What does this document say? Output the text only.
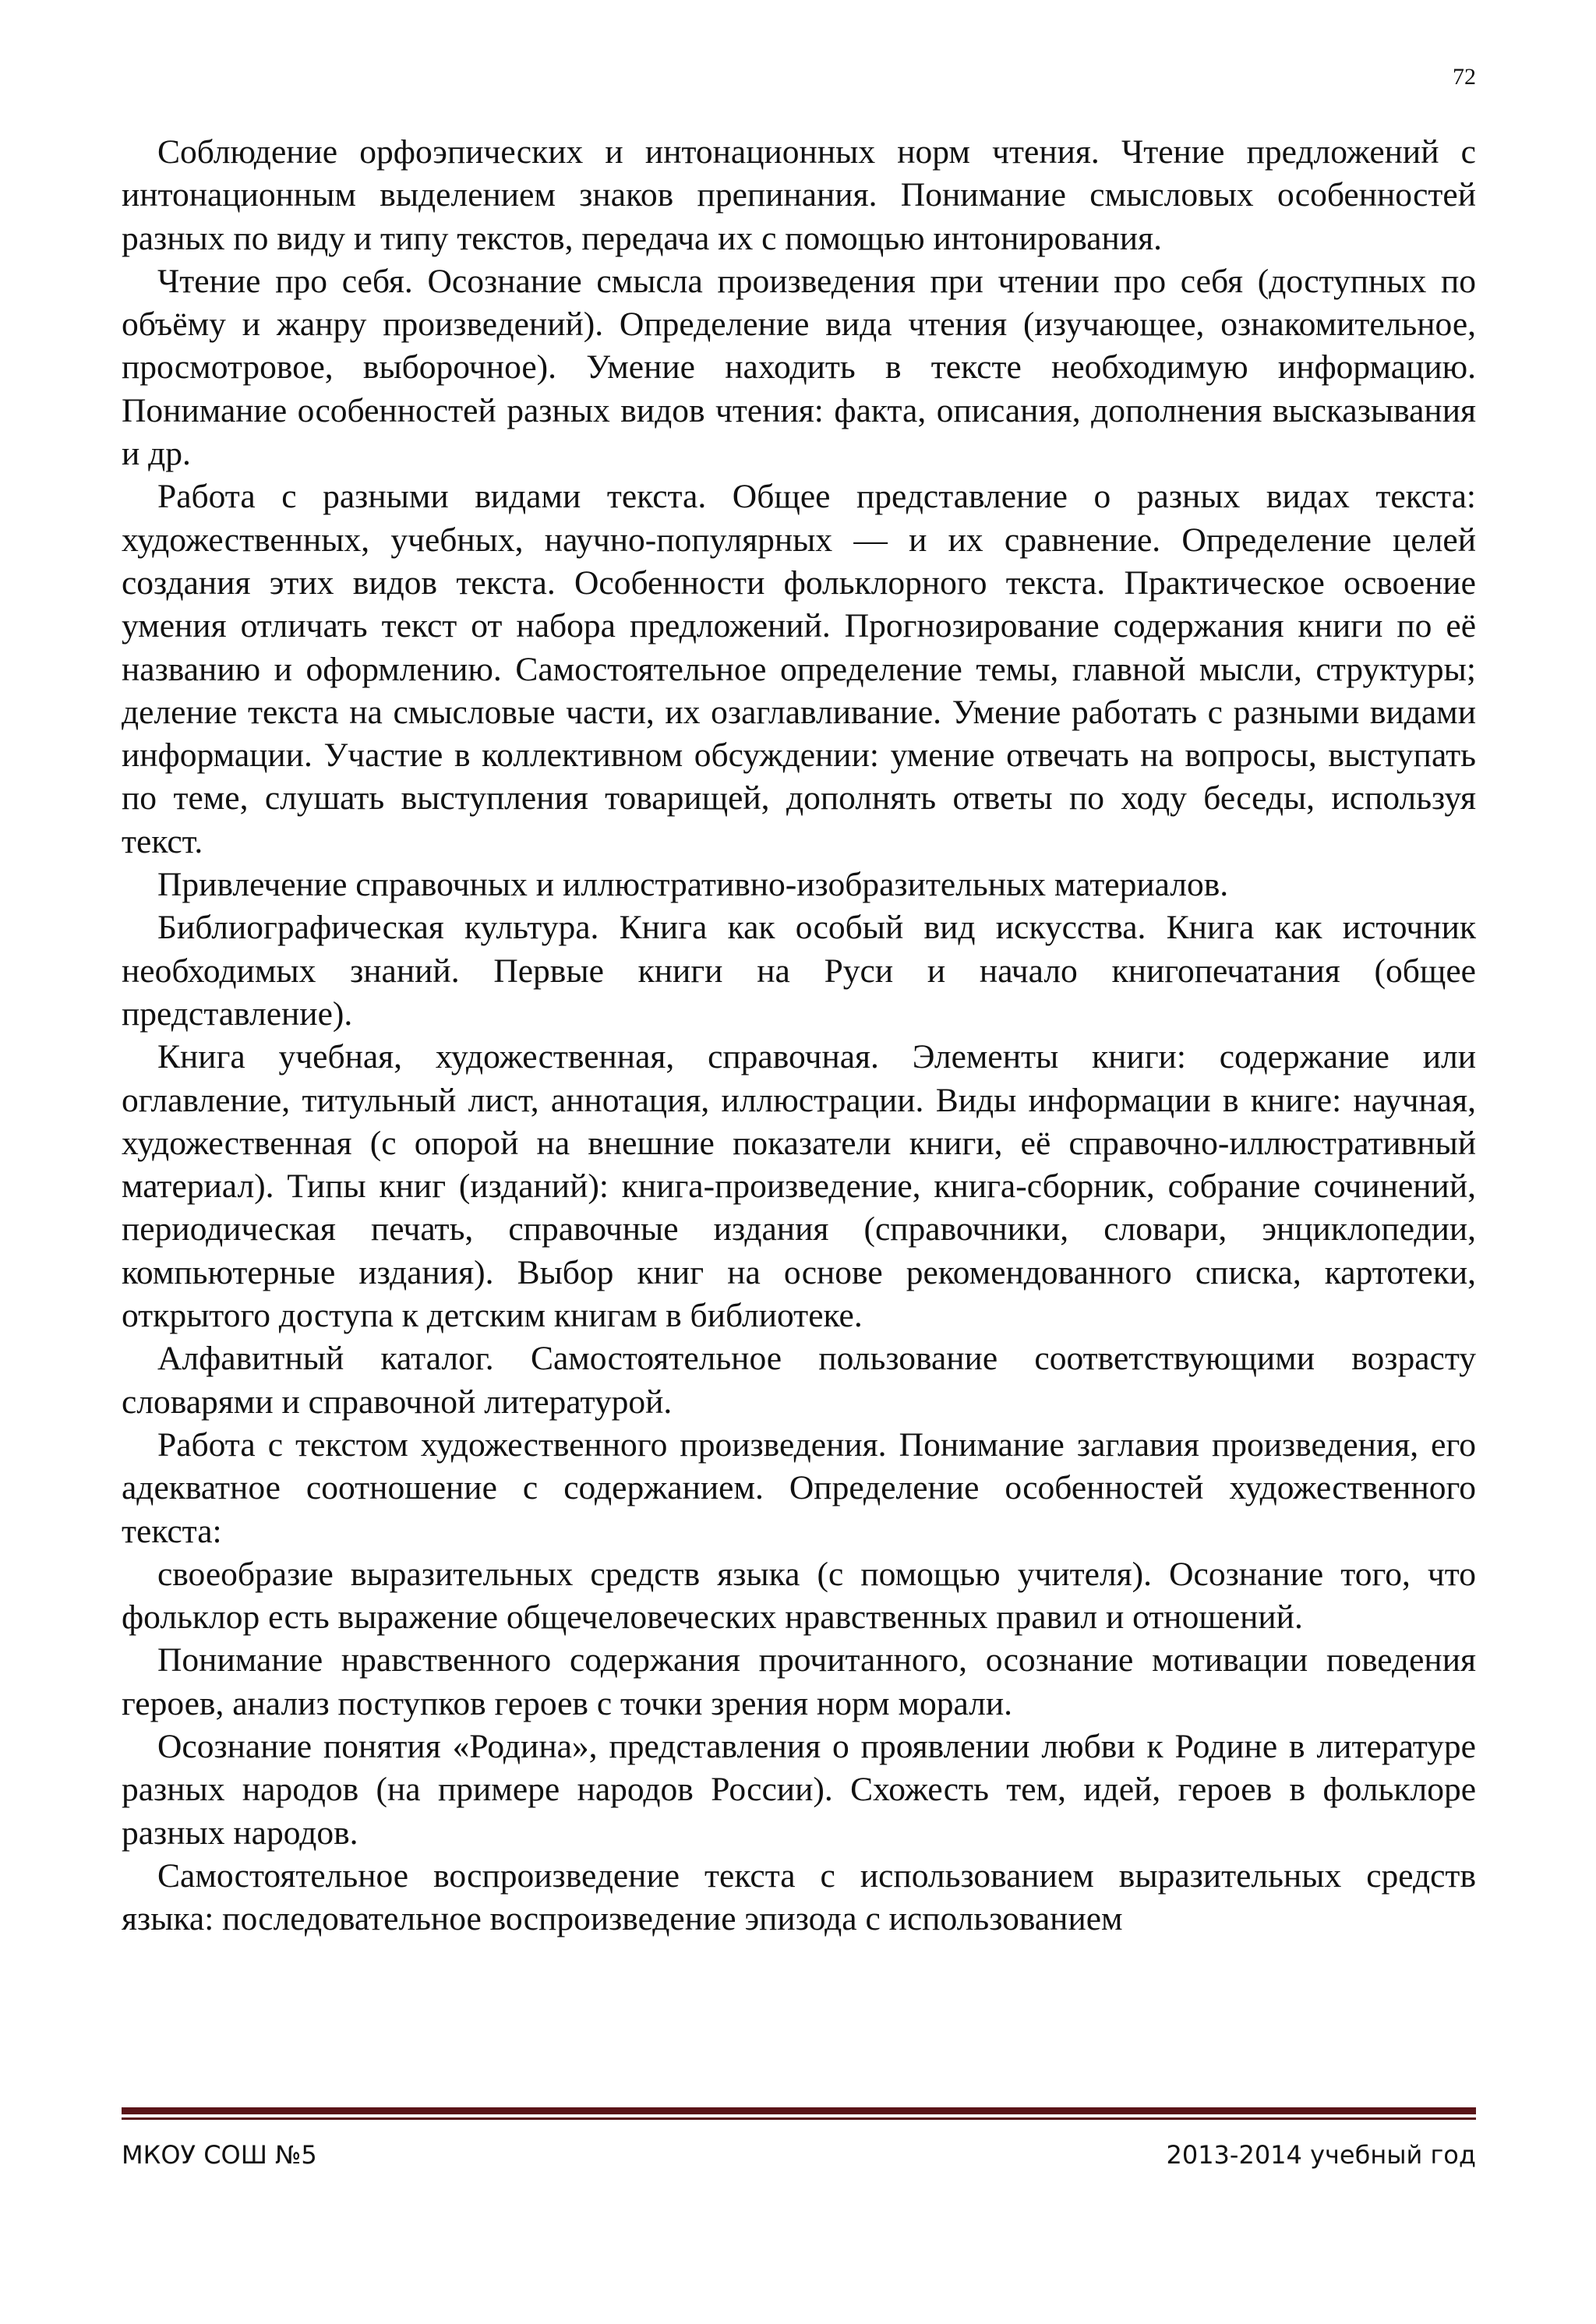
72

Соблюдение орфоэпических и интонационных норм чтения. Чтение предложений с интонационным выделением знаков препинания. Понимание смысловых особенностей разных по виду и типу текстов, передача их с помощью интонирования.

Чтение про себя. Осознание смысла произведения при чтении про себя (доступных по объёму и жанру произведений). Определение вида чтения (изучающее, ознакомительное, просмотровое, выборочное). Умение находить в тексте необходимую информацию. Понимание особенностей разных видов чтения: факта, описания, дополнения высказывания и др.

Работа с разными видами текста. Общее представление о разных видах текста: художественных, учебных, научно-популярных — и их сравнение. Определение целей создания этих видов текста. Особенности фольклорного текста. Практическое освоение умения отличать текст от набора предложений. Прогнозирование содержания книги по её названию и оформлению. Самостоятельное определение темы, главной мысли, структуры; деление текста на смысловые части, их озаглавливание. Умение работать с разными видами информации. Участие в коллективном обсуждении: умение отвечать на вопросы, выступать по теме, слушать выступления товарищей, дополнять ответы по ходу беседы, используя текст.

Привлечение справочных и иллюстративно-изобразительных материалов.

Библиографическая культура. Книга как особый вид искусства. Книга как источник необходимых знаний. Первые книги на Руси и начало книгопечатания (общее представление).

Книга учебная, художественная, справочная. Элементы книги: содержание или оглавление, титульный лист, аннотация, иллюстрации. Виды информации в книге: научная, художественная (с опорой на внешние показатели книги, её справочно-иллюстративный материал). Типы книг (изданий): книга-произведение, книга-сборник, собрание сочинений, периодическая печать, справочные издания (справочники, словари, энциклопедии, компьютерные издания). Выбор книг на основе рекомендованного списка, картотеки, открытого доступа к детским книгам в библиотеке.

Алфавитный каталог. Самостоятельное пользование соответствующими возрасту словарями и справочной литературой.

Работа с текстом художественного произведения. Понимание заглавия произведения, его адекватное соотношение с содержанием. Определение особенностей художественного текста:

своеобразие выразительных средств языка (с помощью учителя). Осознание того, что фольклор есть выражение общечеловеческих нравственных правил и отношений.

Понимание нравственного содержания прочитанного, осознание мотивации поведения героев, анализ поступков героев с точки зрения норм морали.

Осознание понятия «Родина», представления о проявлении любви к Родине в литературе разных народов (на примере народов России). Схожесть тем, идей, героев в фольклоре разных народов.

Самостоятельное воспроизведение текста с использованием выразительных средств языка: последовательное воспроизведение эпизода с использованием

МКОУ СОШ №5	2013-2014 учебный год
